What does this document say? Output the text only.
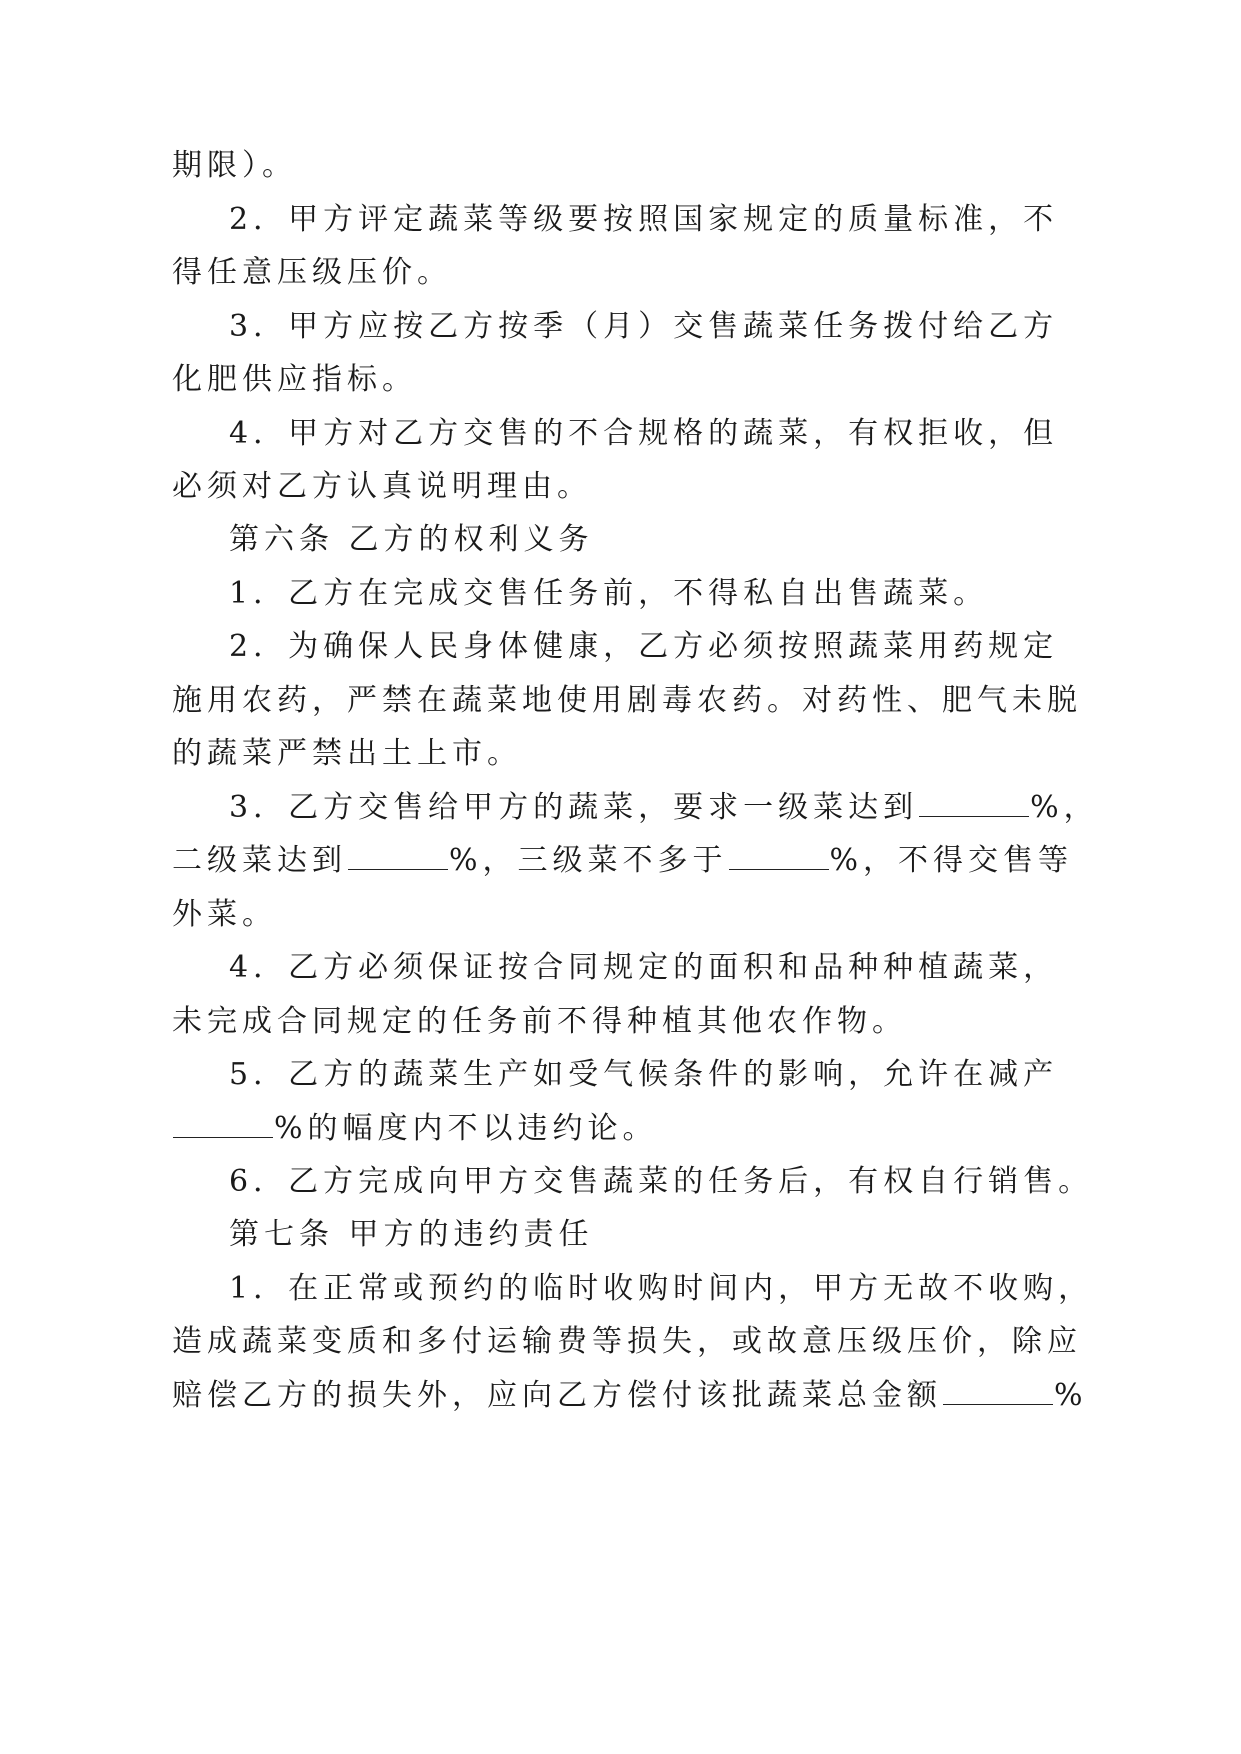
期限）。
2．甲方评定蔬菜等级要按照国家规定的质量标准，不
得任意压级压价。
3．甲方应按乙方按季（月）交售蔬菜任务拨付给乙方
化肥供应指标。
4．甲方对乙方交售的不合规格的蔬菜，有权拒收，但
必须对乙方认真说明理由。
第六条 乙方的权利义务
1．乙方在完成交售任务前，不得私自出售蔬菜。
2．为确保人民身体健康，乙方必须按照蔬菜用药规定
施用农药，严禁在蔬菜地使用剧毒农药。对药性、肥气未脱
的蔬菜严禁出土上市。
3．乙方交售给甲方的蔬菜，要求一级菜达到	%，
二级菜达到	%，三级菜不多于	%，不得交售等
外菜。
4．乙方必须保证按合同规定的面积和品种种植蔬菜，
未完成合同规定的任务前不得种植其他农作物。
5．乙方的蔬菜生产如受气候条件的影响，允许在减产
%的幅度内不以违约论。
6．乙方完成向甲方交售蔬菜的任务后，有权自行销售。
第七条 甲方的违约责任
1．在正常或预约的临时收购时间内，甲方无故不收购，
造成蔬菜变质和多付运输费等损失，或故意压级压价，除应
赔偿乙方的损失外，应向乙方偿付该批蔬菜总金额	%
